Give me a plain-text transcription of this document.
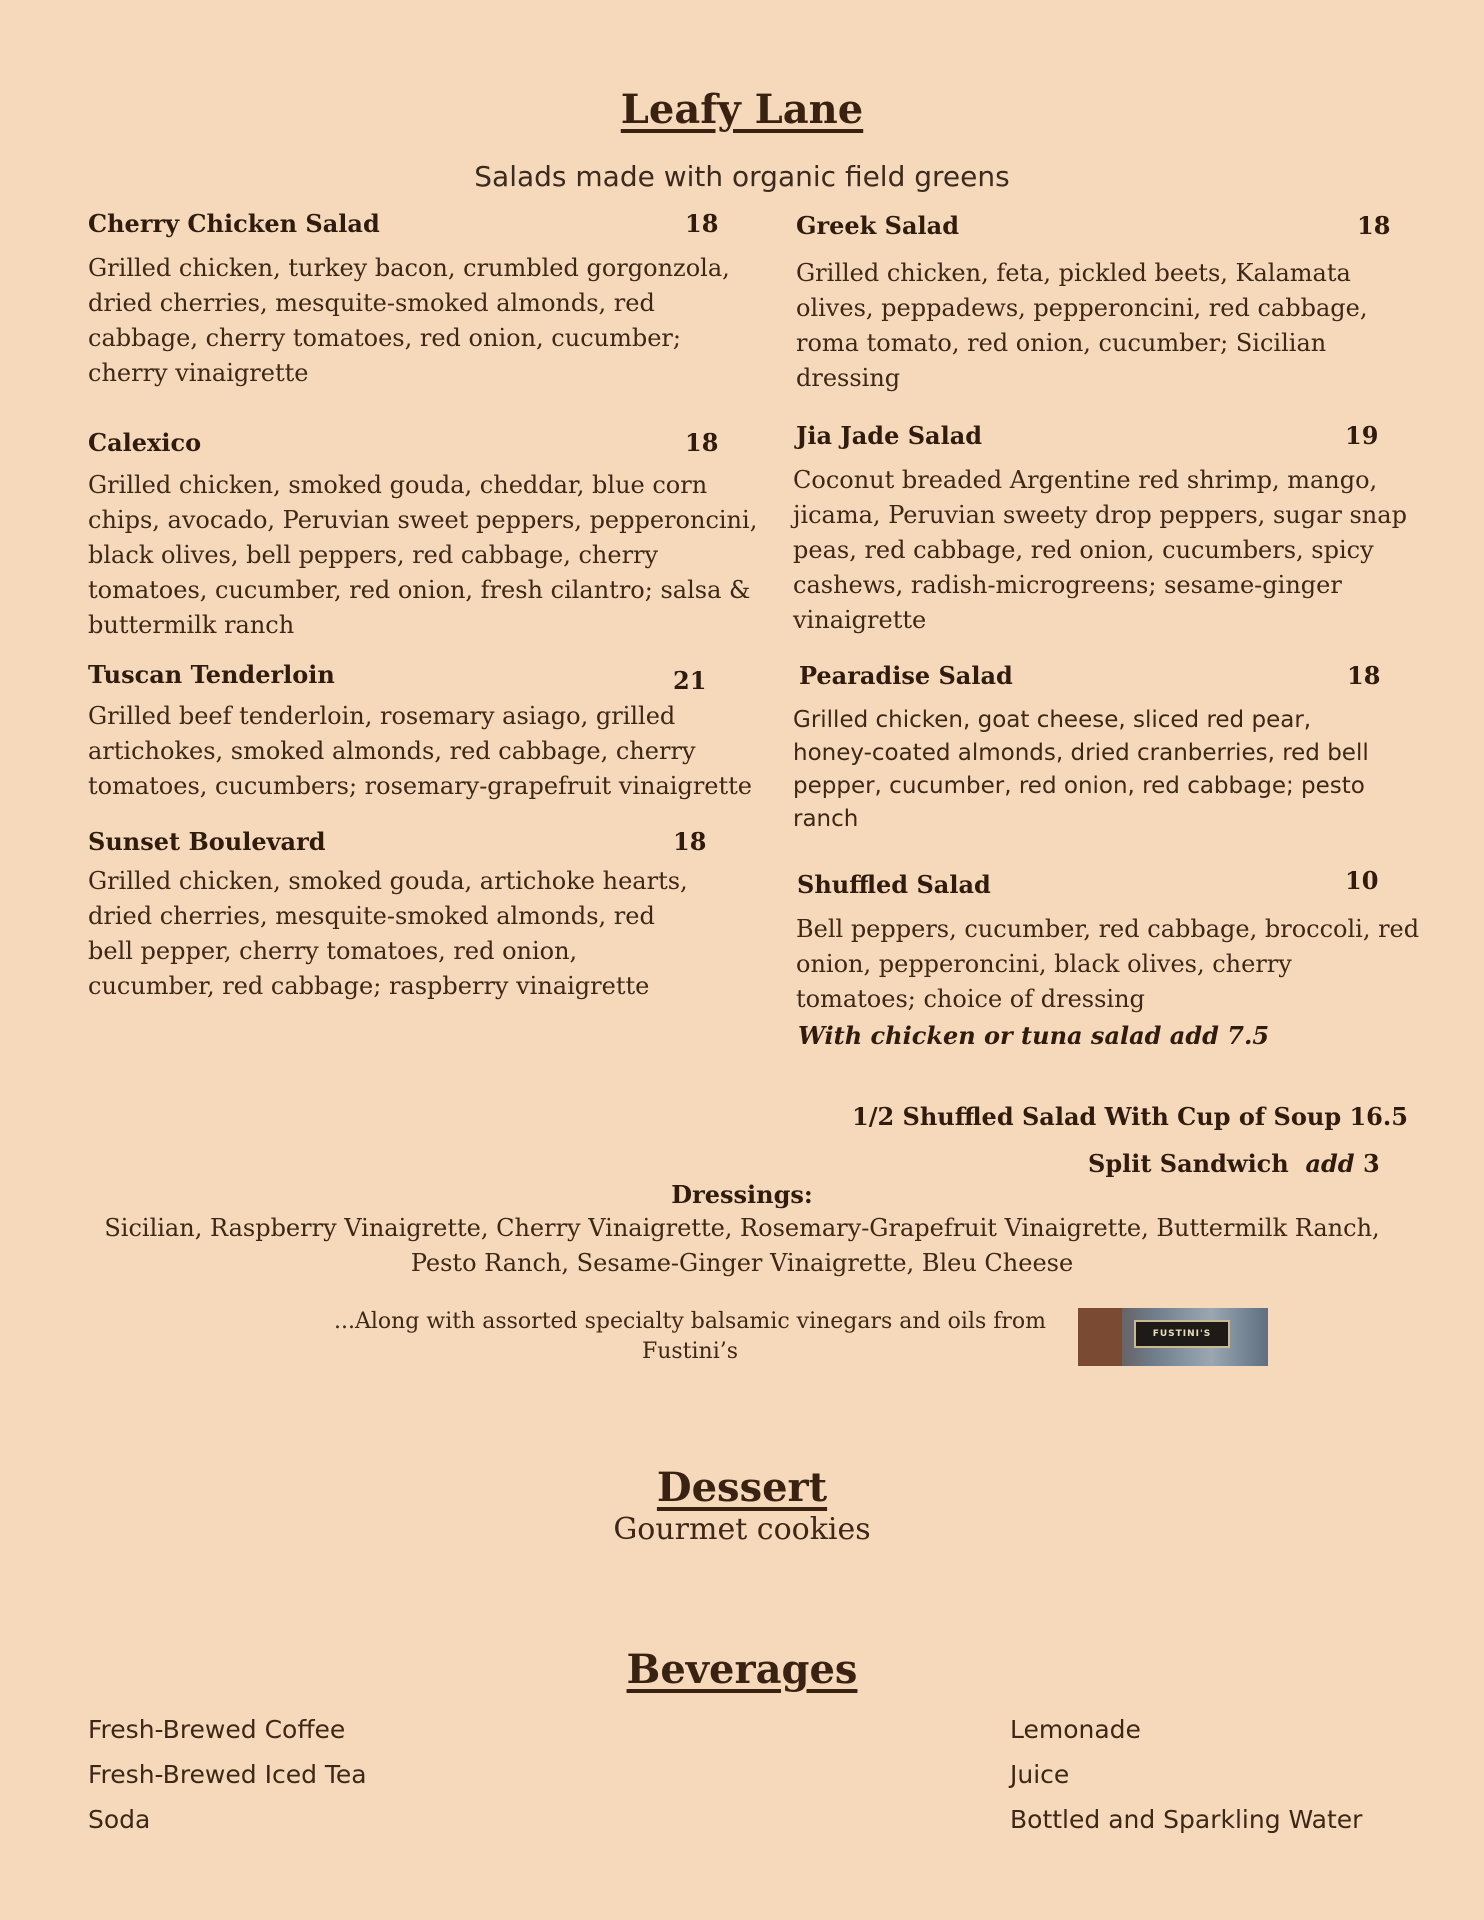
Leafy Lane
Salads made with organic field greens
Cherry Chicken Salad	18
Grilled chicken, turkey bacon, crumbled gorgonzola,
dried cherries, mesquite-smoked almonds, red
cabbage, cherry tomatoes, red onion, cucumber;
cherry vinaigrette
Calexico	18
Grilled chicken, smoked gouda, cheddar, blue corn
chips, avocado, Peruvian sweet peppers, pepperoncini,
black olives, bell peppers, red cabbage, cherry
tomatoes, cucumber, red onion, fresh cilantro; salsa &
buttermilk ranch
Tuscan Tenderloin	21
Grilled beef tenderloin, rosemary asiago, grilled
artichokes, smoked almonds, red cabbage, cherry
tomatoes, cucumbers; rosemary-grapefruit vinaigrette
Sunset Boulevard	18
Grilled chicken, smoked gouda, artichoke hearts,
dried cherries, mesquite-smoked almonds, red
bell pepper, cherry tomatoes, red onion,
cucumber, red cabbage; raspberry vinaigrette
Greek Salad	18
Grilled chicken, feta, pickled beets, Kalamata
olives, peppadews, pepperoncini, red cabbage,
roma tomato, red onion, cucumber; Sicilian
dressing
Jia Jade Salad	19
Coconut breaded Argentine red shrimp, mango,
jicama, Peruvian sweety drop peppers, sugar snap
peas, red cabbage, red onion, cucumbers, spicy
cashews, radish-microgreens; sesame-ginger
vinaigrette
Pearadise Salad	18
Grilled chicken, goat cheese, sliced red pear,
honey-coated almonds, dried cranberries, red bell
pepper, cucumber, red onion, red cabbage; pesto
ranch
Shuffled Salad	10
Bell peppers, cucumber, red cabbage, broccoli, red
onion, pepperoncini, black olives, cherry
tomatoes; choice of dressing
With chicken or tuna salad add 7.5
1/2 Shuffled Salad With Cup of Soup 16.5
Split Sandwich add 3
Dressings:
Sicilian, Raspberry Vinaigrette, Cherry Vinaigrette, Rosemary-Grapefruit Vinaigrette, Buttermilk Ranch,
Pesto Ranch, Sesame-Ginger Vinaigrette, Bleu Cheese
...Along with assorted specialty balsamic vinegars and oils from
Fustini’s
FUSTINI'S
Dessert
Gourmet cookies
Beverages
Fresh-Brewed Coffee
Fresh-Brewed Iced Tea
Soda
Lemonade
Juice
Bottled and Sparkling Water
